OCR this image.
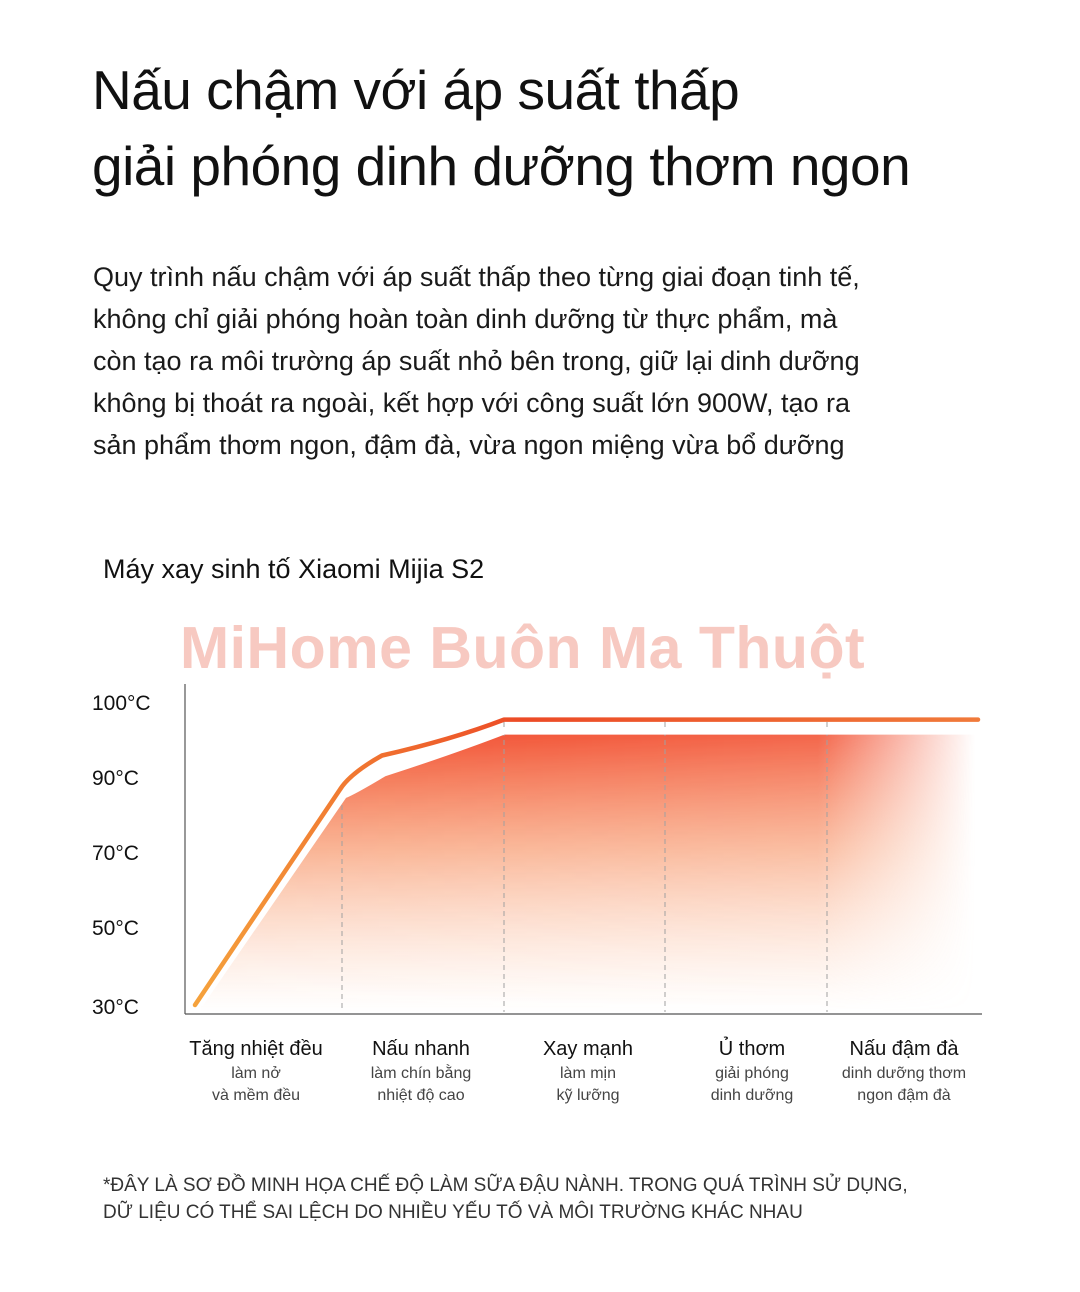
Nấu chậm với áp suất thấp
giải phóng dinh dưỡng thơm ngon
Quy trình nấu chậm với áp suất thấp theo từng giai đoạn tinh tế,
không chỉ giải phóng hoàn toàn dinh dưỡng từ thực phẩm, mà
còn tạo ra môi trường áp suất nhỏ bên trong, giữ lại dinh dưỡng
không bị thoát ra ngoài, kết hợp với công suất lớn 900W, tạo ra
sản phẩm thơm ngon, đậm đà, vừa ngon miệng vừa bổ dưỡng
Máy xay sinh tố Xiaomi Mijia S2
MiHome Buôn Ma Thuột
100°C
90°C
70°C
50°C
30°C
Tăng nhiệt đều
làm nở
và mềm đều
Nấu nhanh
làm chín bằng
nhiệt độ cao
Xay mạnh
làm mịn
kỹ lưỡng
Ủ thơm
giải phóng
dinh dưỡng
Nấu đậm đà
dinh dưỡng thơm
ngon đậm đà
*ĐÂY LÀ SƠ ĐỒ MINH HỌA CHẾ ĐỘ LÀM SỮA ĐẬU NÀNH. TRONG QUÁ TRÌNH SỬ DỤNG,
DỮ LIỆU CÓ THỂ SAI LỆCH DO NHIỀU YẾU TỐ VÀ MÔI TRƯỜNG KHÁC NHAU
